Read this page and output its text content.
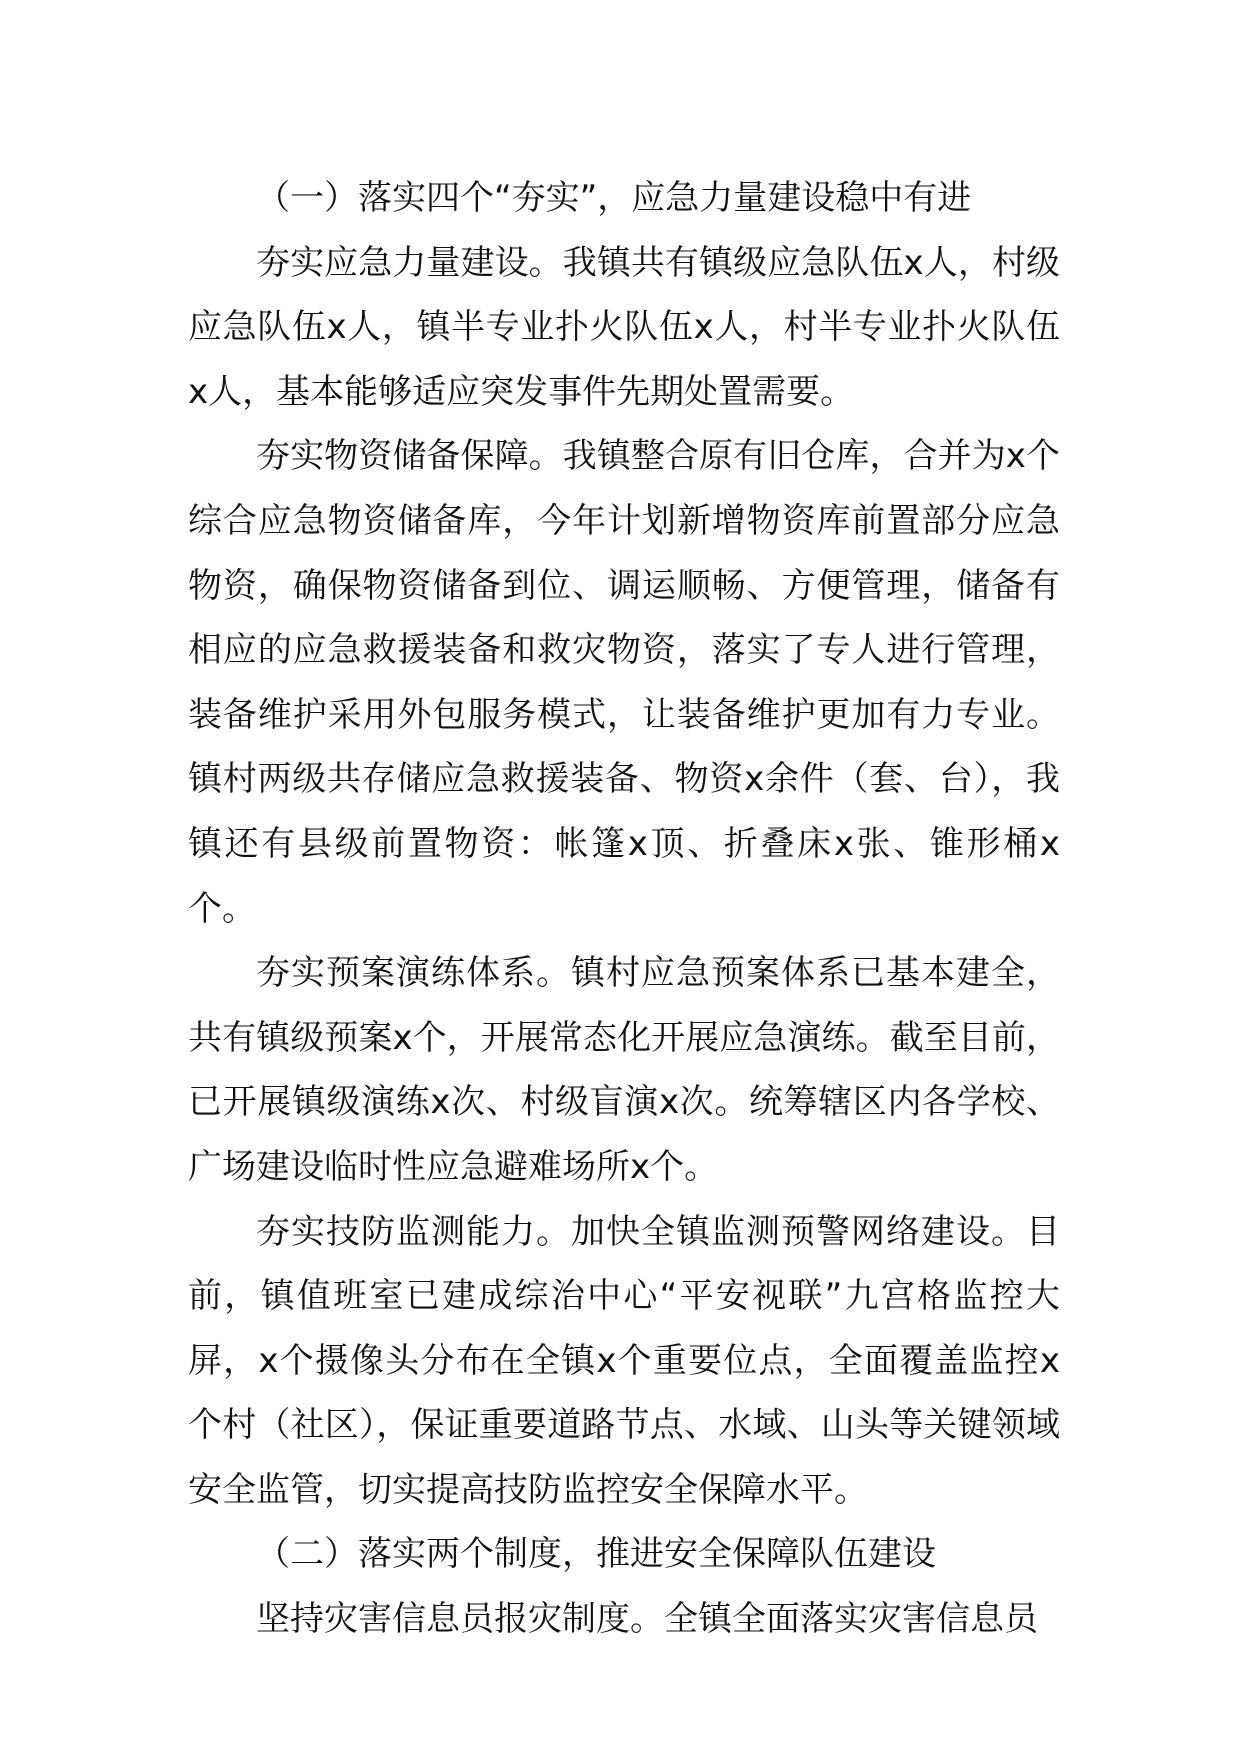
（一）落实四个“夯实”，应急力量建设稳中有进

夯实应急力量建设。我镇共有镇级应急队伍x人，村级应急队伍x人，镇半专业扑火队伍x人，村半专业扑火队伍x人，基本能够适应突发事件先期处置需要。

夯实物资储备保障。我镇整合原有旧仓库，合并为x个综合应急物资储备库，今年计划新增物资库前置部分应急物资，确保物资储备到位、调运顺畅、方便管理，储备有相应的应急救援装备和救灾物资，落实了专人进行管理，装备维护采用外包服务模式，让装备维护更加有力专业。镇村两级共存储应急救援装备、物资x余件（套、台），我镇还有县级前置物资：帐篷x顶、折叠床x张、锥形桶x个。

夯实预案演练体系。镇村应急预案体系已基本建全，共有镇级预案x个，开展常态化开展应急演练。截至目前，已开展镇级演练x次、村级盲演x次。统筹辖区内各学校、广场建设临时性应急避难场所x个。

夯实技防监测能力。加快全镇监测预警网络建设。目前，镇值班室已建成综治中心“平安视联”九宫格监控大屏，x个摄像头分布在全镇x个重要位点，全面覆盖监控x个村（社区），保证重要道路节点、水域、山头等关键领域安全监管，切实提高技防监控安全保障水平。

（二）落实两个制度，推进安全保障队伍建设

坚持灾害信息员报灾制度。全镇全面落实灾害信息员
